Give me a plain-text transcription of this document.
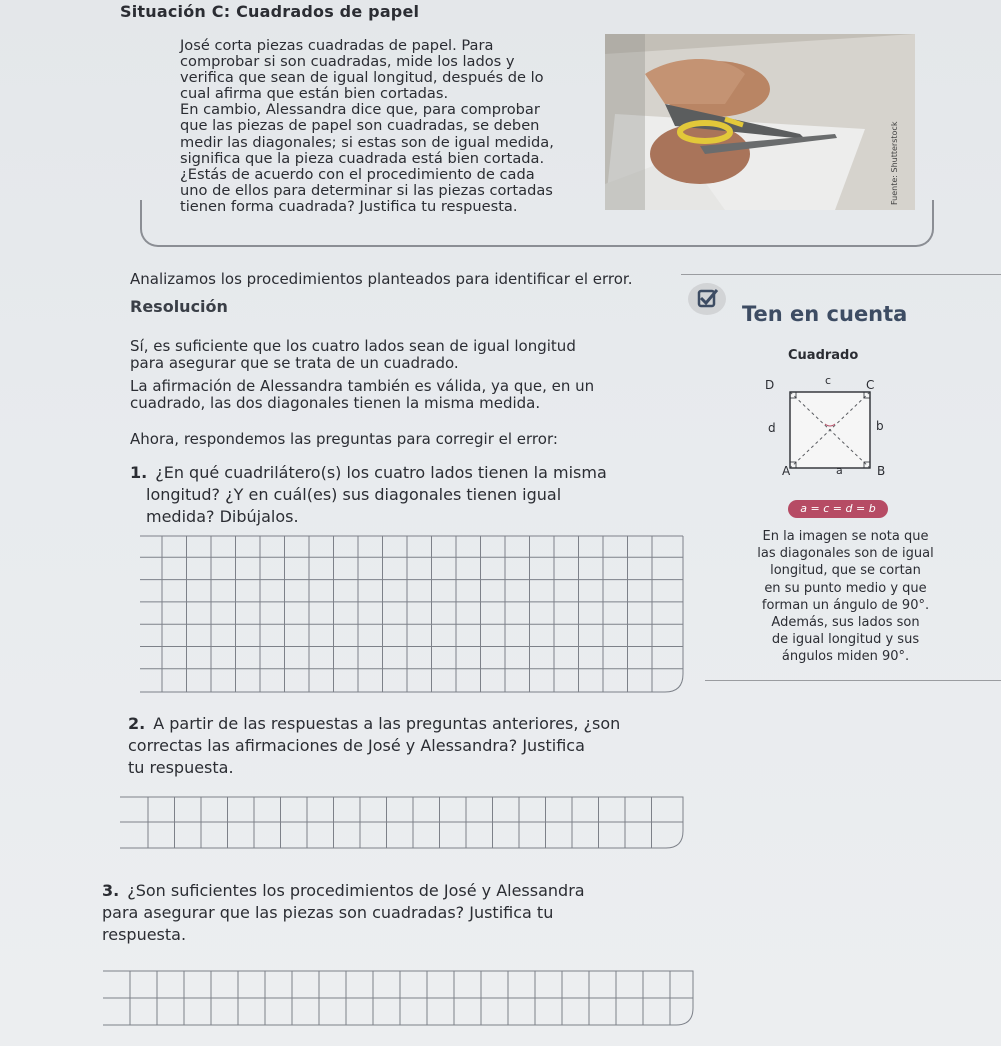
Situación C: Cuadrados de papel
José corta piezas cuadradas de papel. Para
comprobar si son cuadradas, mide los lados y
verifica que sean de igual longitud, después de lo
cual afirma que están bien cortadas.
En cambio, Alessandra dice que, para comprobar
que las piezas de papel son cuadradas, se deben
medir las diagonales; si estas son de igual medida,
significa que la pieza cuadrada está bien cortada.
¿Estás de acuerdo con el procedimiento de cada
uno de ellos para determinar si las piezas cortadas
tienen forma cuadrada? Justifica tu respuesta.
Fuente: Shutterstock
Analizamos los procedimientos planteados para identificar el error.
Resolución
Sí, es suficiente que los cuatro lados sean de igual longitud
para asegurar que se trata de un cuadrado.
La afirmación de Alessandra también es válida, ya que, en un
cuadrado, las dos diagonales tienen la misma medida.
Ahora, respondemos las preguntas para corregir el error:
1. ¿En qué cuadrilátero(s) los cuatro lados tienen la misma
longitud? ¿Y en cuál(es) sus diagonales tienen igual
medida? Dibújalos.
Ten en cuenta
Cuadrado
D	c	C
d	b
A	a	B
a = c = d = b
En la imagen se nota que
las diagonales son de igual
longitud, que se cortan
en su punto medio y que
forman un ángulo de 90°.
Además, sus lados son
de igual longitud y sus
ángulos miden 90°.
2. A partir de las respuestas a las preguntas anteriores, ¿son
correctas las afirmaciones de José y Alessandra? Justifica
tu respuesta.
3. ¿Son suficientes los procedimientos de José y Alessandra
para asegurar que las piezas son cuadradas? Justifica tu
respuesta.
